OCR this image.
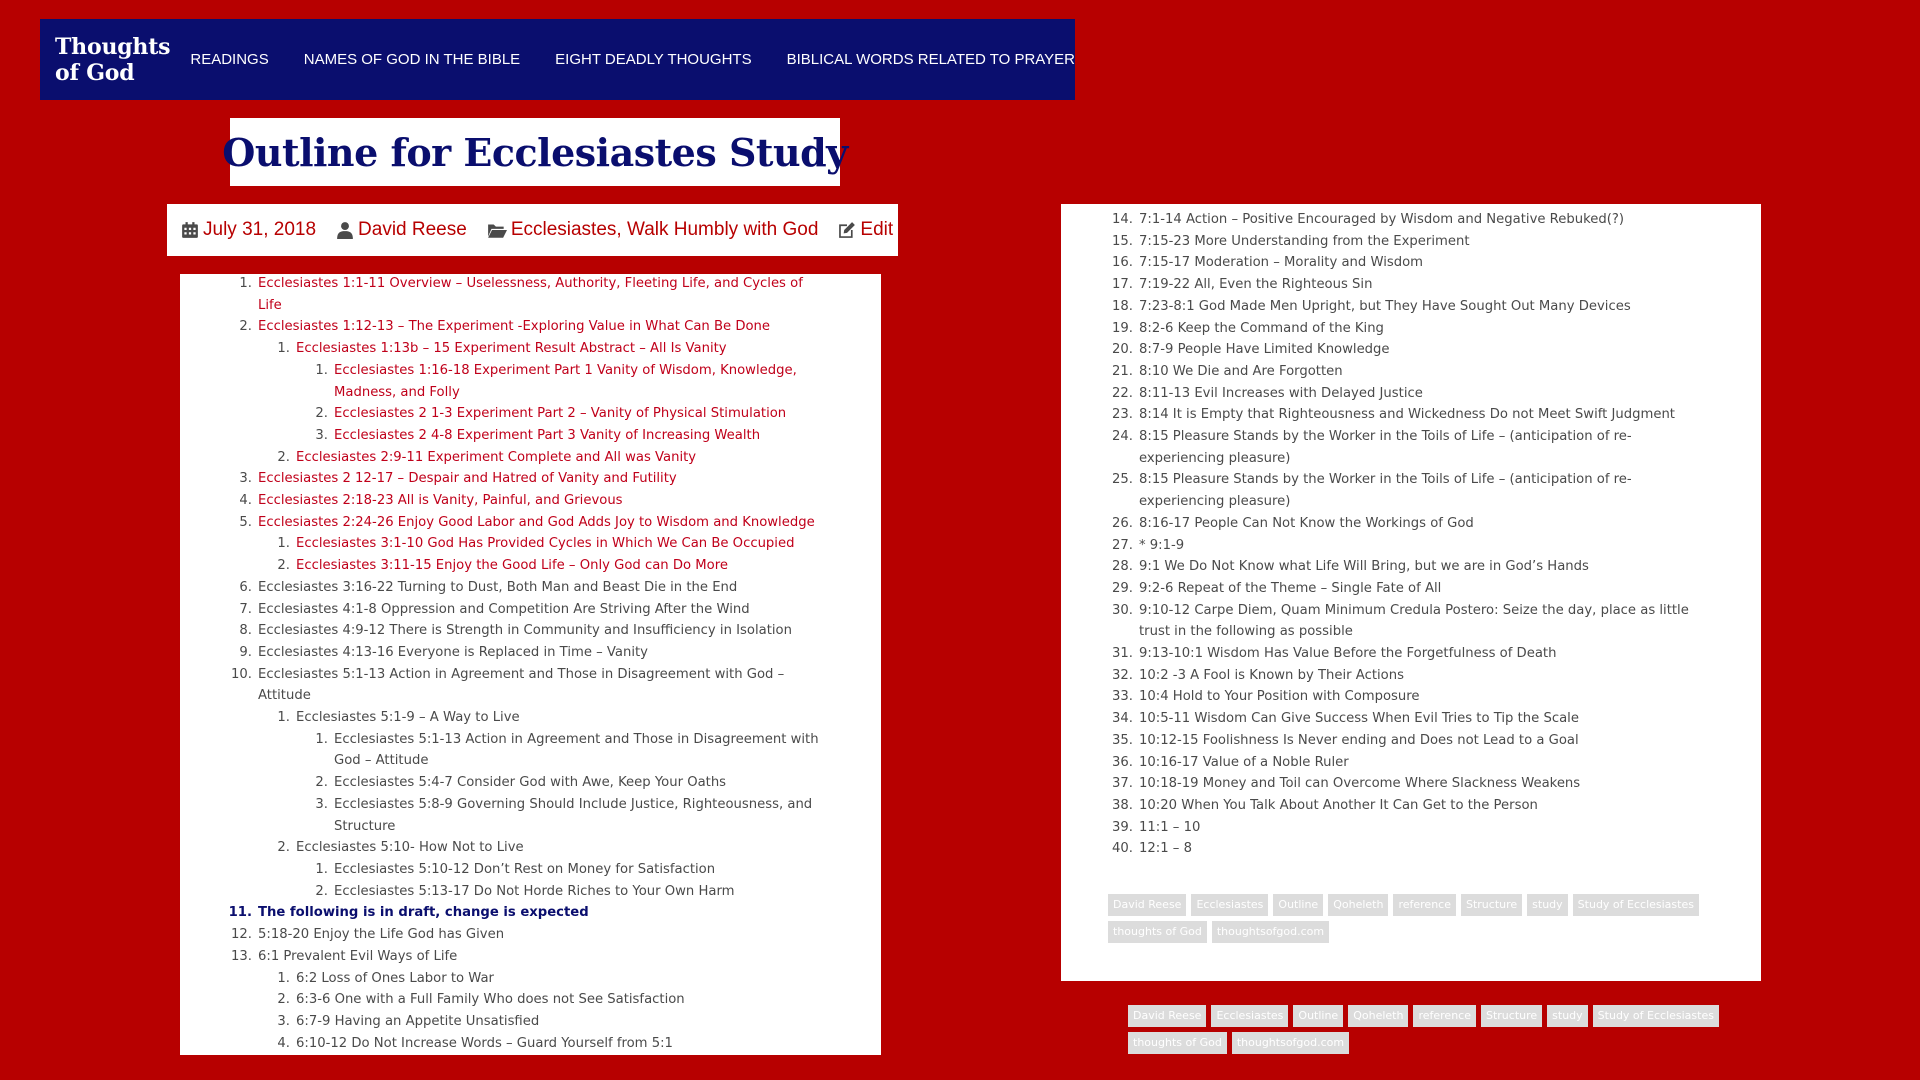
Thoughts of God	READINGS NAMES OF GOD IN THE BIBLE EIGHT DEADLY THOUGHTS BIBLICAL WORDS RELATED TO PRAYER
Outline for Ecclesiastes Study
July 31, 2018 David Reese Ecclesiastes, Walk Humbly with God Edit
1. Ecclesiastes 1:1-11 Overview – Uselessness, Authority, Fleeting Life, and Cycles of
Life
2. Ecclesiastes 1:12-13 – The Experiment -Exploring Value in What Can Be Done
1. Ecclesiastes 1:13b – 15 Experiment Result Abstract – All Is Vanity
1. Ecclesiastes 1:16-18 Experiment Part 1 Vanity of Wisdom, Knowledge,
Madness, and Folly
2. Ecclesiastes 2 1-3 Experiment Part 2 – Vanity of Physical Stimulation
3. Ecclesiastes 2 4-8 Experiment Part 3 Vanity of Increasing Wealth
2. Ecclesiastes 2:9-11 Experiment Complete and All was Vanity
3. Ecclesiastes 2 12-17 – Despair and Hatred of Vanity and Futility
4. Ecclesiastes 2:18-23 All is Vanity, Painful, and Grievous
5. Ecclesiastes 2:24-26 Enjoy Good Labor and God Adds Joy to Wisdom and Knowledge
1. Ecclesiastes 3:1-10 God Has Provided Cycles in Which We Can Be Occupied
2. Ecclesiastes 3:11-15 Enjoy the Good Life – Only God can Do More
6. Ecclesiastes 3:16-22 Turning to Dust, Both Man and Beast Die in the End
7. Ecclesiastes 4:1-8 Oppression and Competition Are Striving After the Wind
8. Ecclesiastes 4:9-12 There is Strength in Community and Insufficiency in Isolation
9. Ecclesiastes 4:13-16 Everyone is Replaced in Time – Vanity
10. Ecclesiastes 5:1-13 Action in Agreement and Those in Disagreement with God –
Attitude
1. Ecclesiastes 5:1-9 – A Way to Live
1. Ecclesiastes 5:1-13 Action in Agreement and Those in Disagreement with
God – Attitude
2. Ecclesiastes 5:4-7 Consider God with Awe, Keep Your Oaths
3. Ecclesiastes 5:8-9 Governing Should Include Justice, Righteousness, and
Structure
2. Ecclesiastes 5:10- How Not to Live
1. Ecclesiastes 5:10-12 Don’t Rest on Money for Satisfaction
2. Ecclesiastes 5:13-17 Do Not Horde Riches to Your Own Harm
11. The following is in draft, change is expected
12. 5:18-20 Enjoy the Life God has Given
13. 6:1 Prevalent Evil Ways of Life
1. 6:2 Loss of Ones Labor to War
2. 6:3-6 One with a Full Family Who does not See Satisfaction
3. 6:7-9 Having an Appetite Unsatisfied
4. 6:10-12 Do Not Increase Words – Guard Yourself from 5:1
14. 7:1-14 Action – Positive Encouraged by Wisdom and Negative Rebuked(?)
15. 7:15-23 More Understanding from the Experiment
16. 7:15-17 Moderation – Morality and Wisdom
17. 7:19-22 All, Even the Righteous Sin
18. 7:23-8:1 God Made Men Upright, but They Have Sought Out Many Devices
19. 8:2-6 Keep the Command of the King
20. 8:7-9 People Have Limited Knowledge
21. 8:10 We Die and Are Forgotten
22. 8:11-13 Evil Increases with Delayed Justice
23. 8:14 It is Empty that Righteousness and Wickedness Do not Meet Swift Judgment
24. 8:15 Pleasure Stands by the Worker in the Toils of Life – (anticipation of re-
experiencing pleasure)
25. 8:15 Pleasure Stands by the Worker in the Toils of Life – (anticipation of re-
experiencing pleasure)
26. 8:16-17 People Can Not Know the Workings of God
27. * 9:1-9
28. 9:1 We Do Not Know what Life Will Bring, but we are in God’s Hands
29. 9:2-6 Repeat of the Theme – Single Fate of All
30. 9:10-12 Carpe Diem, Quam Minimum Credula Postero: Seize the day, place as little
trust in the following as possible
31. 9:13-10:1 Wisdom Has Value Before the Forgetfulness of Death
32. 10:2 -3 A Fool is Known by Their Actions
33. 10:4 Hold to Your Position with Composure
34. 10:5-11 Wisdom Can Give Success When Evil Tries to Tip the Scale
35. 10:12-15 Foolishness Is Never ending and Does not Lead to a Goal
36. 10:16-17 Value of a Noble Ruler
37. 10:18-19 Money and Toil can Overcome Where Slackness Weakens
38. 10:20 When You Talk About Another It Can Get to the Person
39. 11:1 – 10
40. 12:1 – 8
David Reese	Ecclesiastes	Outline	Qoheleth	reference	Structure	study	Study of Ecclesiastes
thoughts of God	thoughtsofgod.com
David Reese	Ecclesiastes	Outline	Qoheleth	reference	Structure	study	Study of Ecclesiastes
thoughts of God	thoughtsofgod.com
